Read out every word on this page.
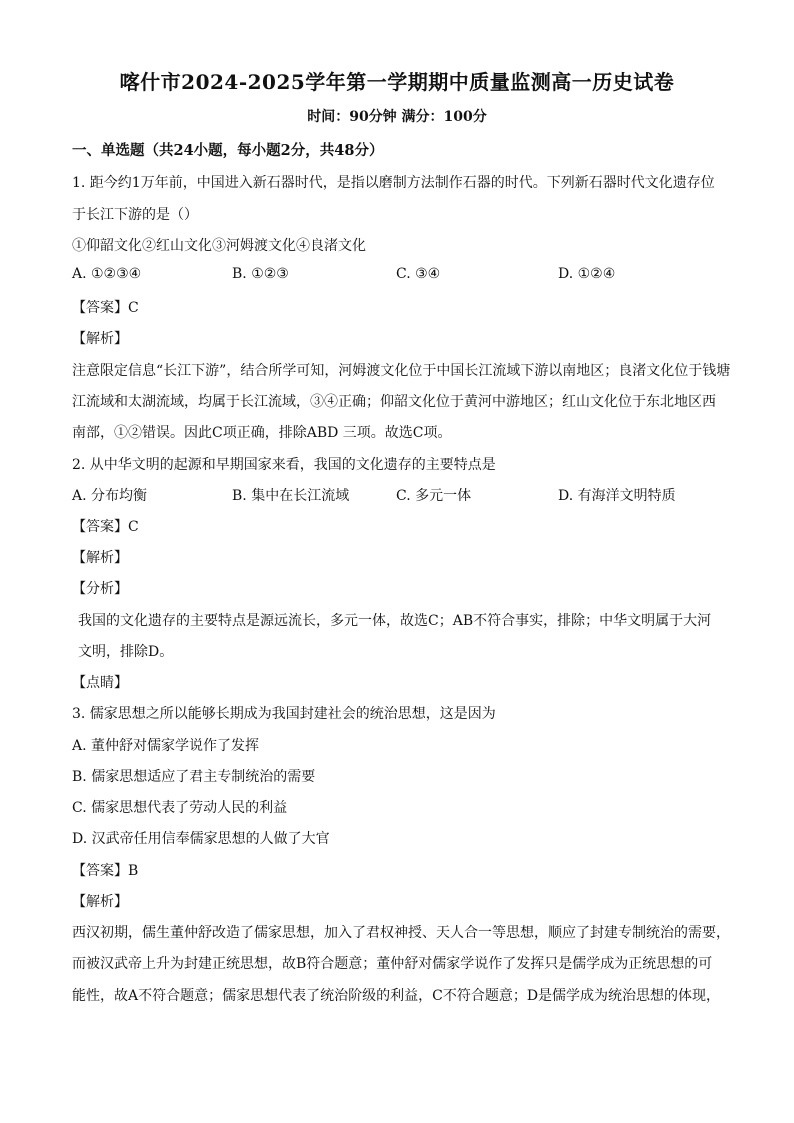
喀什市2024-2025学年第一学期期中质量监测高一历史试卷
时间：90分钟 满分：100分
一、单选题（共24小题，每小题2分，共48分）
1. 距今约1万年前，中国进入新石器时代，是指以磨制方法制作石器的时代。下列新石器时代文化遗存位
于长江下游的是（）
①仰韶文化②红山文化③河姆渡文化④良渚文化
A. ①②③④	B. ①②③	C. ③④	D. ①②④
【答案】C
【解析】
注意限定信息“长江下游”，结合所学可知，河姆渡文化位于中国长江流域下游以南地区；良渚文化位于钱塘
江流域和太湖流域，均属于长江流域，③④正确；仰韶文化位于黄河中游地区；红山文化位于东北地区西
南部，①②错误。因此C项正确，排除ABD 三项。故选C项。
2. 从中华文明的起源和早期国家来看，我国的文化遗存的主要特点是
A. 分布均衡	B. 集中在长江流域	C. 多元一体	D. 有海洋文明特质
【答案】C
【解析】
【分析】
我国的文化遗存的主要特点是源远流长，多元一体，故选C；AB不符合事实，排除；中华文明属于大河
文明，排除D。
【点睛】
3. 儒家思想之所以能够长期成为我国封建社会的统治思想，这是因为
A. 董仲舒对儒家学说作了发挥
B. 儒家思想适应了君主专制统治的需要
C. 儒家思想代表了劳动人民的利益
D. 汉武帝任用信奉儒家思想的人做了大官
【答案】B
【解析】
西汉初期，儒生董仲舒改造了儒家思想，加入了君权神授、天人合一等思想，顺应了封建专制统治的需要，
而被汉武帝上升为封建正统思想，故B符合题意；董仲舒对儒家学说作了发挥只是儒学成为正统思想的可
能性，故A不符合题意；儒家思想代表了统治阶级的利益，C不符合题意；D是儒学成为统治思想的体现，
